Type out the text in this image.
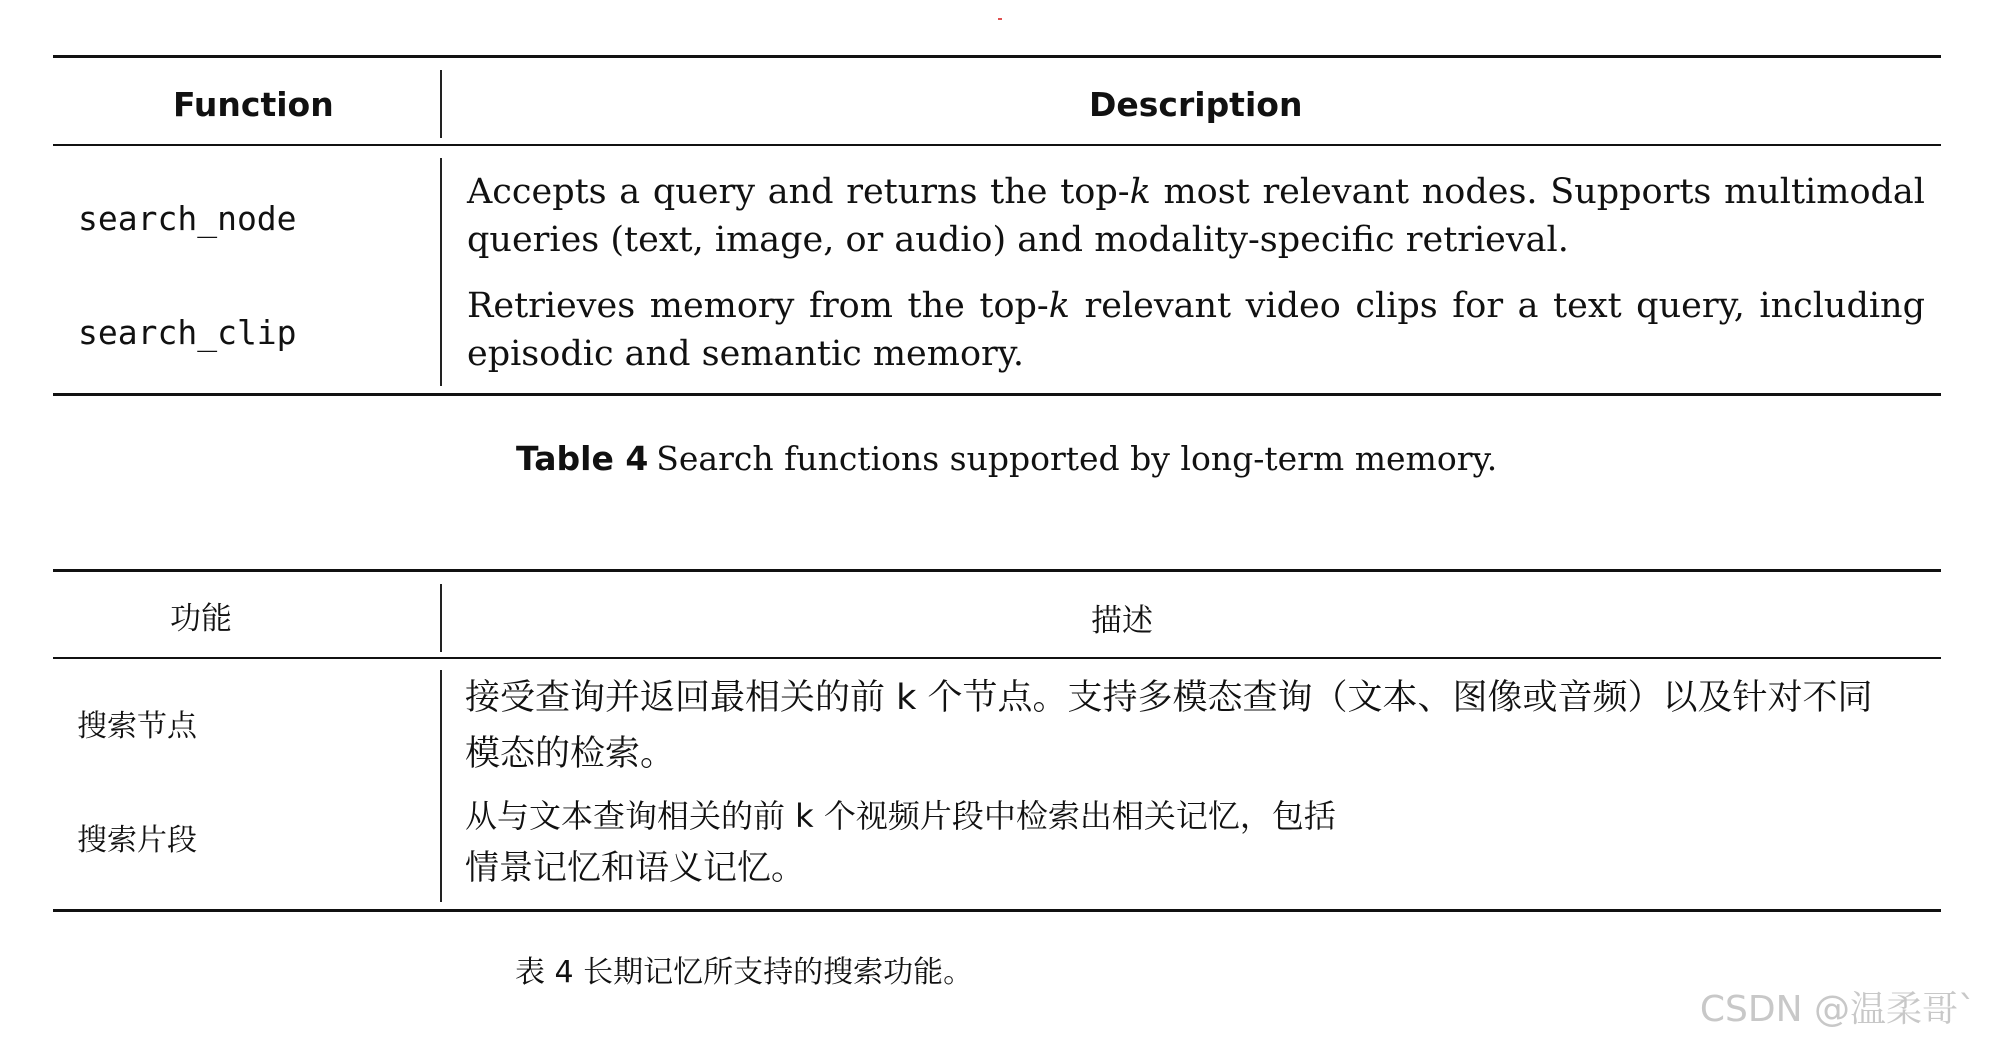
Function	Description
search_node
Accepts a query and returns the top-k most relevant nodes. Supports multimodal
queries (text, image, or audio) and modality-specific retrieval.
search_clip
Retrieves memory from the top-k relevant video clips for a text query, including
episodic and semantic memory.
Table 4 Search functions supported by long-term memory.
功能	描述
搜索节点
接受查询并返回最相关的前 k 个节点。支持多模态查询（文本、图像或音频）以及针对不同
模态的检索。
搜索片段
从与文本查询相关的前 k 个视频片段中检索出相关记忆，包括
情景记忆和语义记忆。
表 4 长期记忆所支持的搜索功能。
CSDN @温柔哥`
